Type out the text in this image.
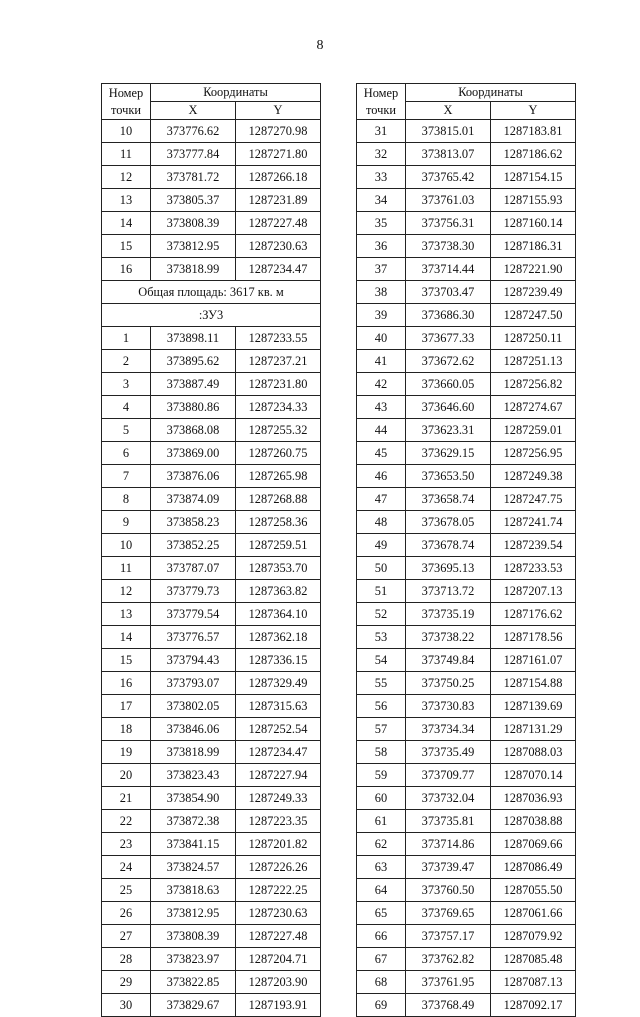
8
Номер
точки	Координаты	
	X	Y
10	373776.62	1287270.98
11	373777.84	1287271.80
12	373781.72	1287266.18
13	373805.37	1287231.89
14	373808.39	1287227.48
15	373812.95	1287230.63
16	373818.99	1287234.47
Общая площадь: 3617 кв. м		
:ЗУ3		
1	373898.11	1287233.55
2	373895.62	1287237.21
3	373887.49	1287231.80
4	373880.86	1287234.33
5	373868.08	1287255.32
6	373869.00	1287260.75
7	373876.06	1287265.98
8	373874.09	1287268.88
9	373858.23	1287258.36
10	373852.25	1287259.51
11	373787.07	1287353.70
12	373779.73	1287363.82
13	373779.54	1287364.10
14	373776.57	1287362.18
15	373794.43	1287336.15
16	373793.07	1287329.49
17	373802.05	1287315.63
18	373846.06	1287252.54
19	373818.99	1287234.47
20	373823.43	1287227.94
21	373854.90	1287249.33
22	373872.38	1287223.35
23	373841.15	1287201.82
24	373824.57	1287226.26
25	373818.63	1287222.25
26	373812.95	1287230.63
27	373808.39	1287227.48
28	373823.97	1287204.71
29	373822.85	1287203.90
30	373829.67	1287193.91
Номер
точки	Координаты	
	X	Y
31	373815.01	1287183.81
32	373813.07	1287186.62
33	373765.42	1287154.15
34	373761.03	1287155.93
35	373756.31	1287160.14
36	373738.30	1287186.31
37	373714.44	1287221.90
38	373703.47	1287239.49
39	373686.30	1287247.50
40	373677.33	1287250.11
41	373672.62	1287251.13
42	373660.05	1287256.82
43	373646.60	1287274.67
44	373623.31	1287259.01
45	373629.15	1287256.95
46	373653.50	1287249.38
47	373658.74	1287247.75
48	373678.05	1287241.74
49	373678.74	1287239.54
50	373695.13	1287233.53
51	373713.72	1287207.13
52	373735.19	1287176.62
53	373738.22	1287178.56
54	373749.84	1287161.07
55	373750.25	1287154.88
56	373730.83	1287139.69
57	373734.34	1287131.29
58	373735.49	1287088.03
59	373709.77	1287070.14
60	373732.04	1287036.93
61	373735.81	1287038.88
62	373714.86	1287069.66
63	373739.47	1287086.49
64	373760.50	1287055.50
65	373769.65	1287061.66
66	373757.17	1287079.92
67	373762.82	1287085.48
68	373761.95	1287087.13
69	373768.49	1287092.17
